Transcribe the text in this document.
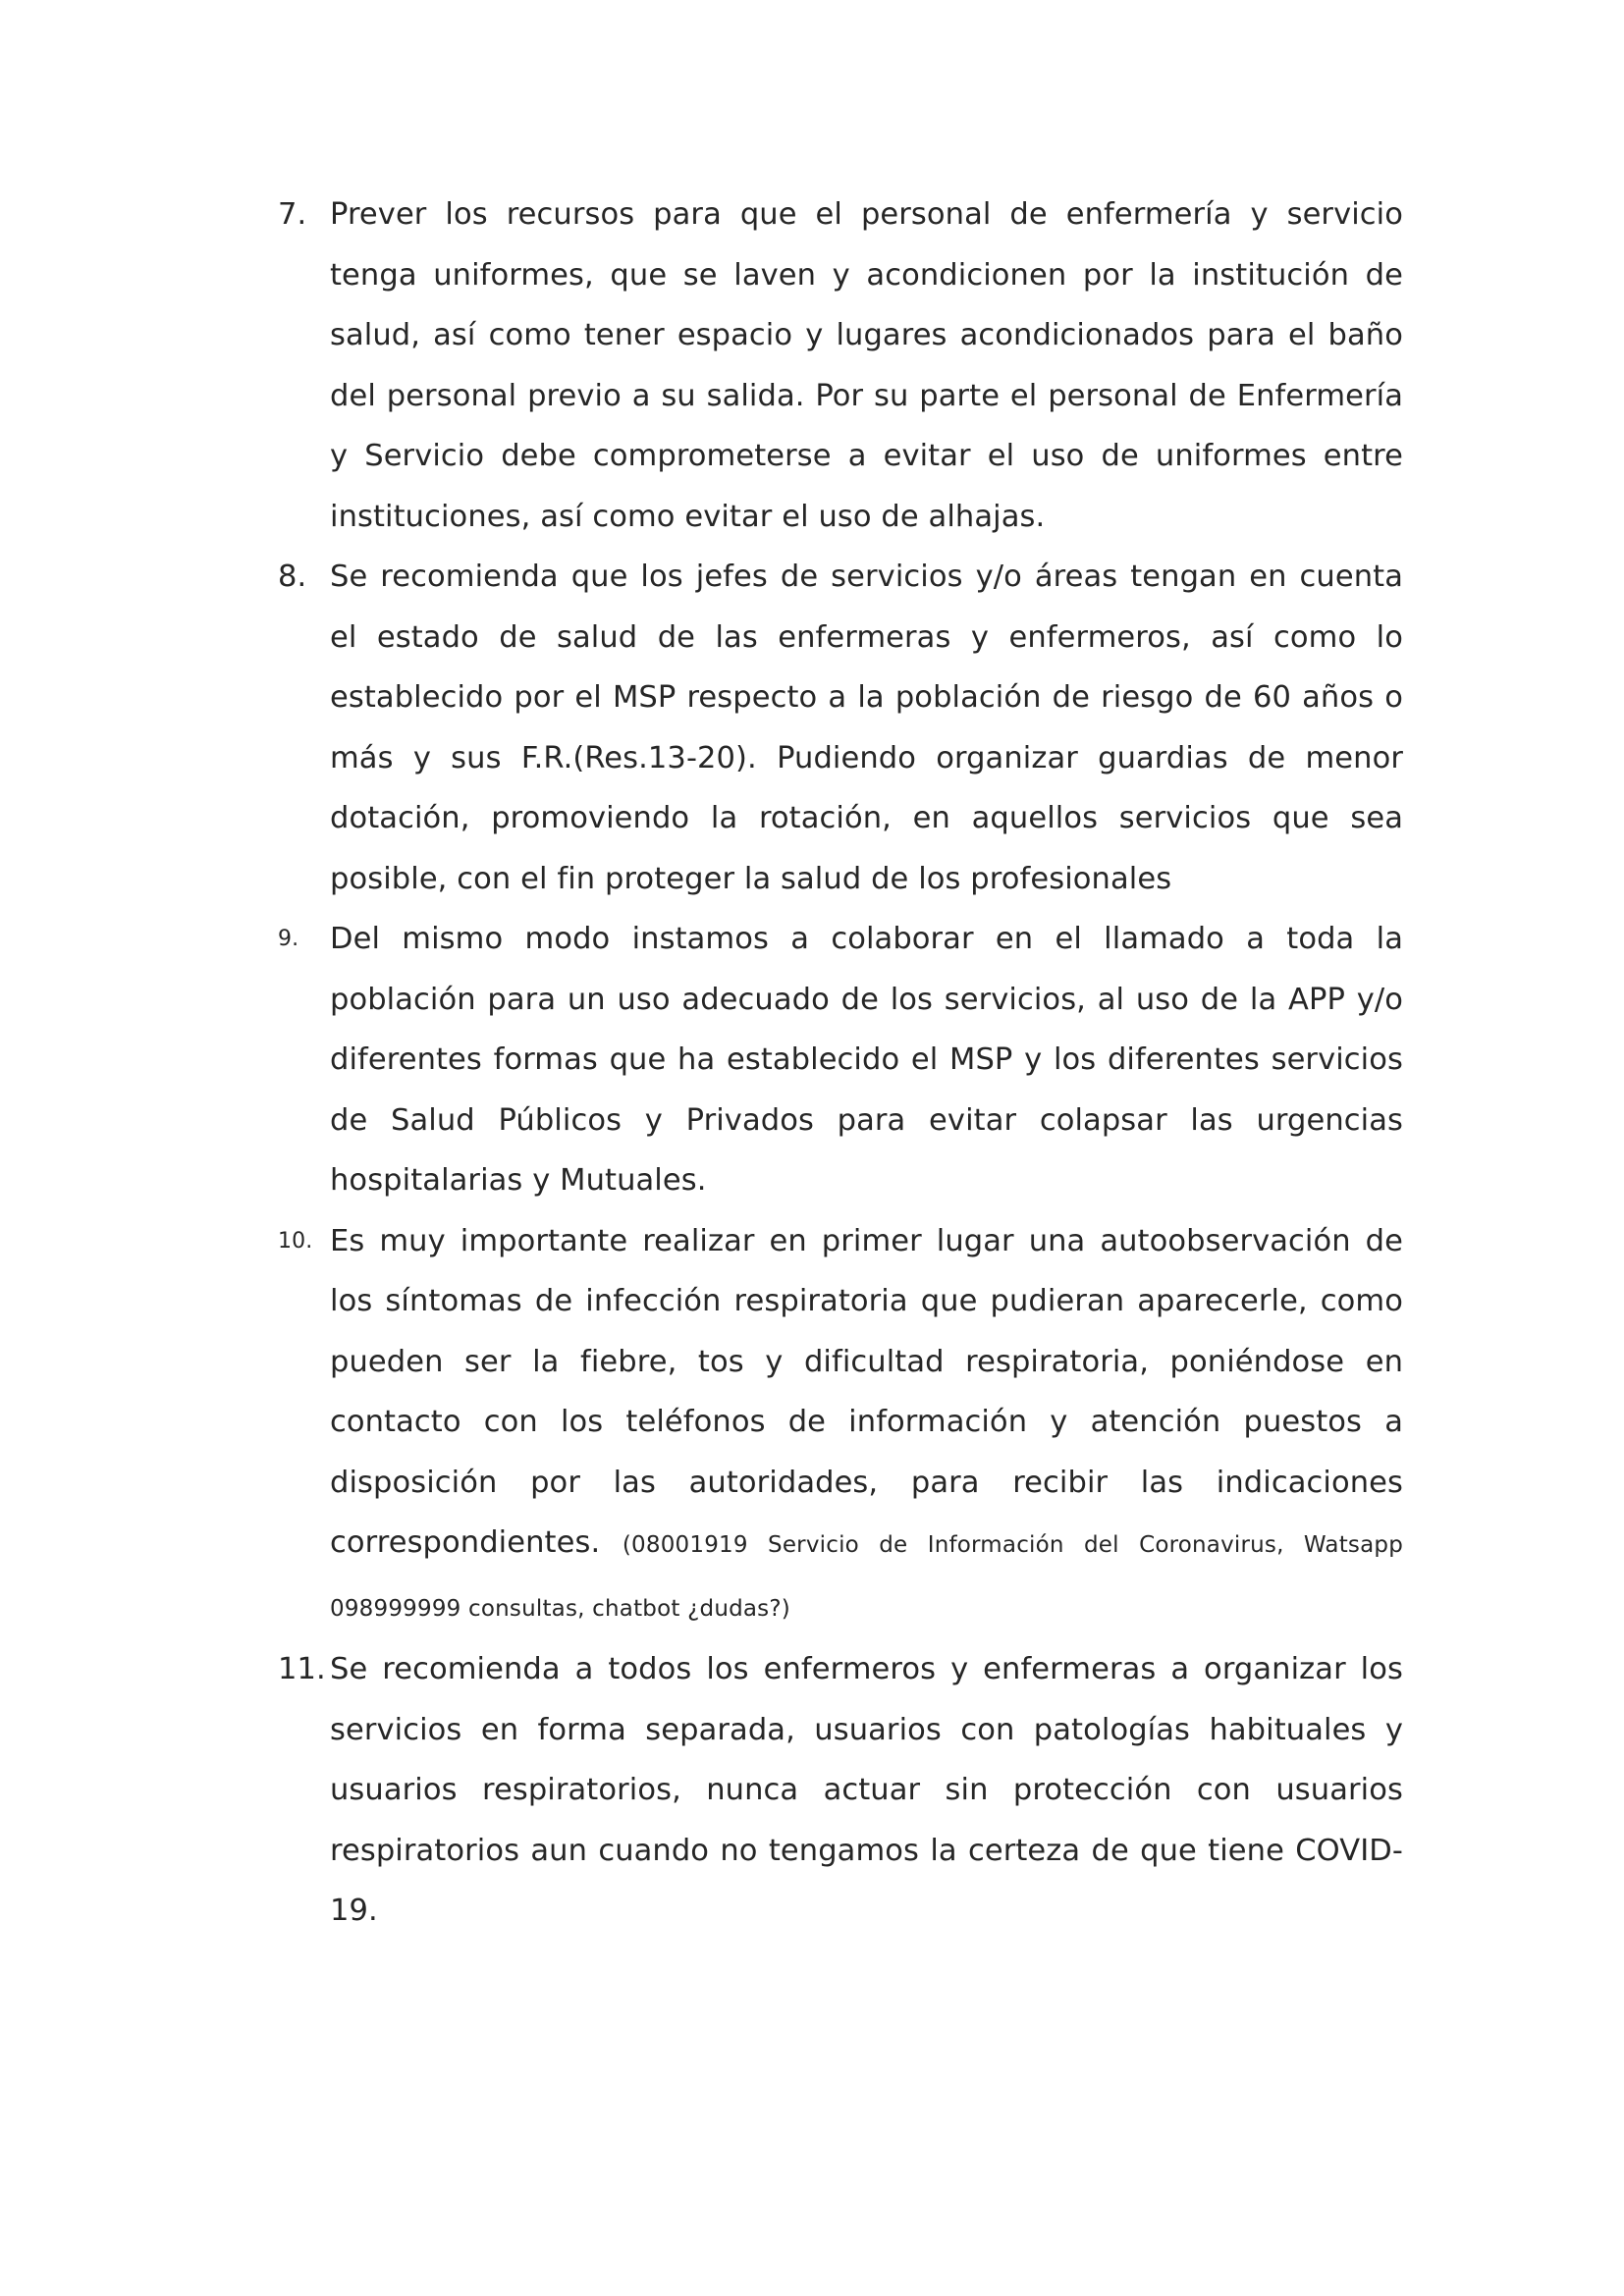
7. Prever los recursos para que el personal de enfermería y servicio tenga uniformes, que se laven y acondicionen por la institución de salud, así como tener espacio y lugares acondicionados para el baño del personal previo a su salida. Por su parte el personal de Enfermería y Servicio debe comprometerse a evitar el uso de uniformes entre instituciones, así como evitar el uso de alhajas.
8. Se recomienda que los jefes de servicios y/o áreas tengan en cuenta el estado de salud de las enfermeras y enfermeros, así como lo establecido por el MSP respecto a la población de riesgo de 60 años o más y sus F.R.(Res.13-20). Pudiendo organizar guardias de menor dotación, promoviendo la rotación, en aquellos servicios que sea posible, con el fin proteger la salud de los profesionales
9. Del mismo modo instamos a colaborar en el llamado a toda la población para un uso adecuado de los servicios, al uso de la APP y/o diferentes formas que ha establecido el MSP y los diferentes servicios de Salud Públicos y Privados para evitar colapsar las urgencias hospitalarias y Mutuales.
10. Es muy importante realizar en primer lugar una autoobservación de los síntomas de infección respiratoria que pudieran aparecerle, como pueden ser la fiebre, tos y dificultad respiratoria, poniéndose en contacto con los teléfonos de información y atención puestos a disposición por las autoridades, para recibir las indicaciones correspondientes. (08001919 Servicio de Información del Coronavirus, Watsapp 098999999 consultas, chatbot ¿dudas?)
11. Se recomienda a todos los enfermeros y enfermeras a organizar los servicios en forma separada, usuarios con patologías habituales y usuarios respiratorios, nunca actuar sin protección con usuarios respiratorios aun cuando no tengamos la certeza de que tiene COVID-19.
